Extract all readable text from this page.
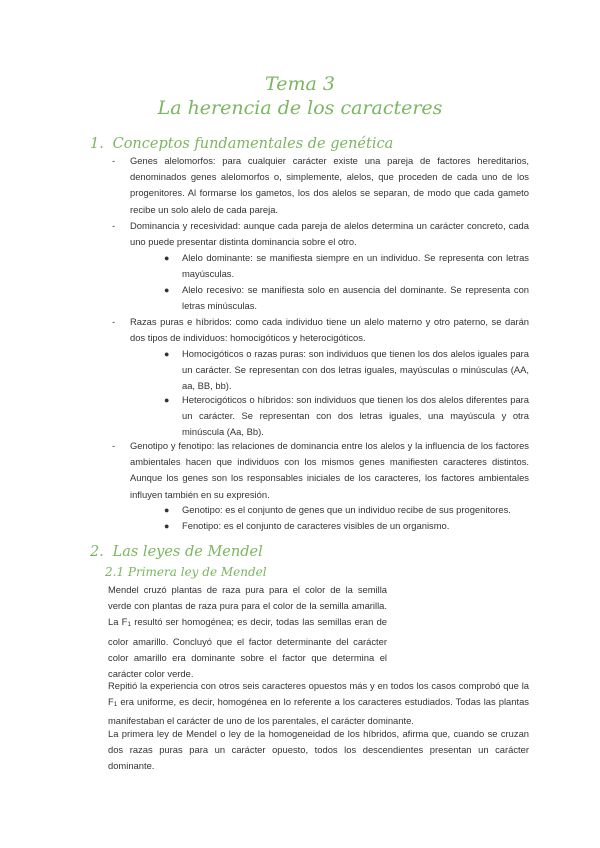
Tema 3
La herencia de los caracteres
1. Conceptos fundamentales de genética
- Genes alelomorfos: para cualquier carácter existe una pareja de factores hereditarios, denominados genes alelomorfos o, simplemente, alelos, que proceden de cada uno de los progenitores. Al formarse los gametos, los dos alelos se separan, de modo que cada gameto recibe un solo alelo de cada pareja.

- Dominancia y recesividad: aunque cada pareja de alelos determina un carácter concreto, cada uno puede presentar distinta dominancia sobre el otro.

● Alelo dominante: se manifiesta siempre en un individuo. Se representa con letras mayúsculas.

● Alelo recesivo: se manifiesta solo en ausencia del dominante. Se representa con letras minúsculas.

- Razas puras e híbridos: como cada individuo tiene un alelo materno y otro paterno, se darán dos tipos de individuos: homocigóticos y heterocigóticos.

● Homocigóticos o razas puras: son individuos que tienen los dos alelos iguales para un carácter. Se representan con dos letras iguales, mayúsculas o minúsculas (AA, aa, BB, bb).

● Heterocigóticos o híbridos: son individuos que tienen los dos alelos diferentes para un carácter. Se representan con dos letras iguales, una mayúscula y otra minúscula (Aa, Bb).

- Genotipo y fenotipo: las relaciones de dominancia entre los alelos y la influencia de los factores ambientales hacen que individuos con los mismos genes manifiesten caracteres distintos. Aunque los genes son los responsables iniciales de los caracteres, los factores ambientales influyen también en su expresión.

● Genotipo: es el conjunto de genes que un individuo recibe de sus progenitores.

● Fenotipo: es el conjunto de caracteres visibles de un organismo.

2. Las leyes de Mendel
2.1 Primera ley de Mendel

Mendel cruzó plantas de raza pura para el color de la semilla verde con plantas de raza pura para el color de la semilla amarilla. La F1 resultó ser homogénea; es decir, todas las semillas eran de color amarillo. Concluyó que el factor determinante del carácter color amarillo era dominante sobre el factor que determina el carácter color verde.

Repitió la experiencia con otros seis caracteres opuestos más y en todos los casos comprobó que la F1 era uniforme, es decir, homogénea en lo referente a los caracteres estudiados. Todas las plantas manifestaban el carácter de uno de los parentales, el carácter dominante.

La primera ley de Mendel o ley de la homogeneidad de los híbridos, afirma que, cuando se cruzan dos razas puras para un carácter opuesto, todos los descendientes presentan un carácter dominante.
